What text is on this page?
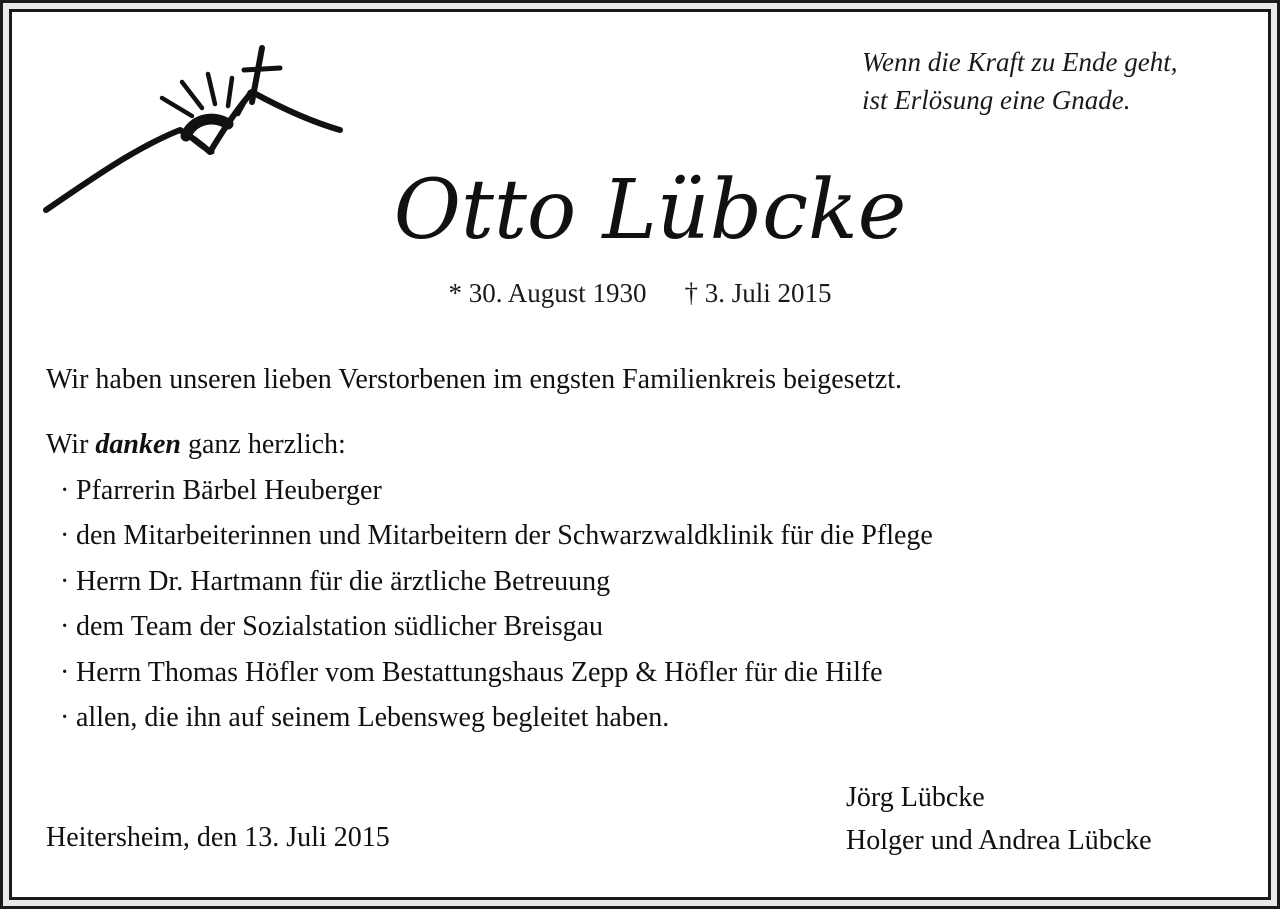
Wenn die Kraft zu Ende geht,
ist Erlösung eine Gnade.
Otto Lübcke
* 30. August 1930 † 3. Juli 2015
Wir haben unseren lieben Verstorbenen im engsten Familienkreis beigesetzt.
Wir danken ganz herzlich:
· Pfarrerin Bärbel Heuberger
· den Mitarbeiterinnen und Mitarbeitern der Schwarzwaldklinik für die Pflege
· Herrn Dr. Hartmann für die ärztliche Betreuung
· dem Team der Sozialstation südlicher Breisgau
· Herrn Thomas Höfler vom Bestattungshaus Zepp & Höfler für die Hilfe
· allen, die ihn auf seinem Lebensweg begleitet haben.
Jörg Lübcke
Holger und Andrea Lübcke
Heitersheim, den 13. Juli 2015
